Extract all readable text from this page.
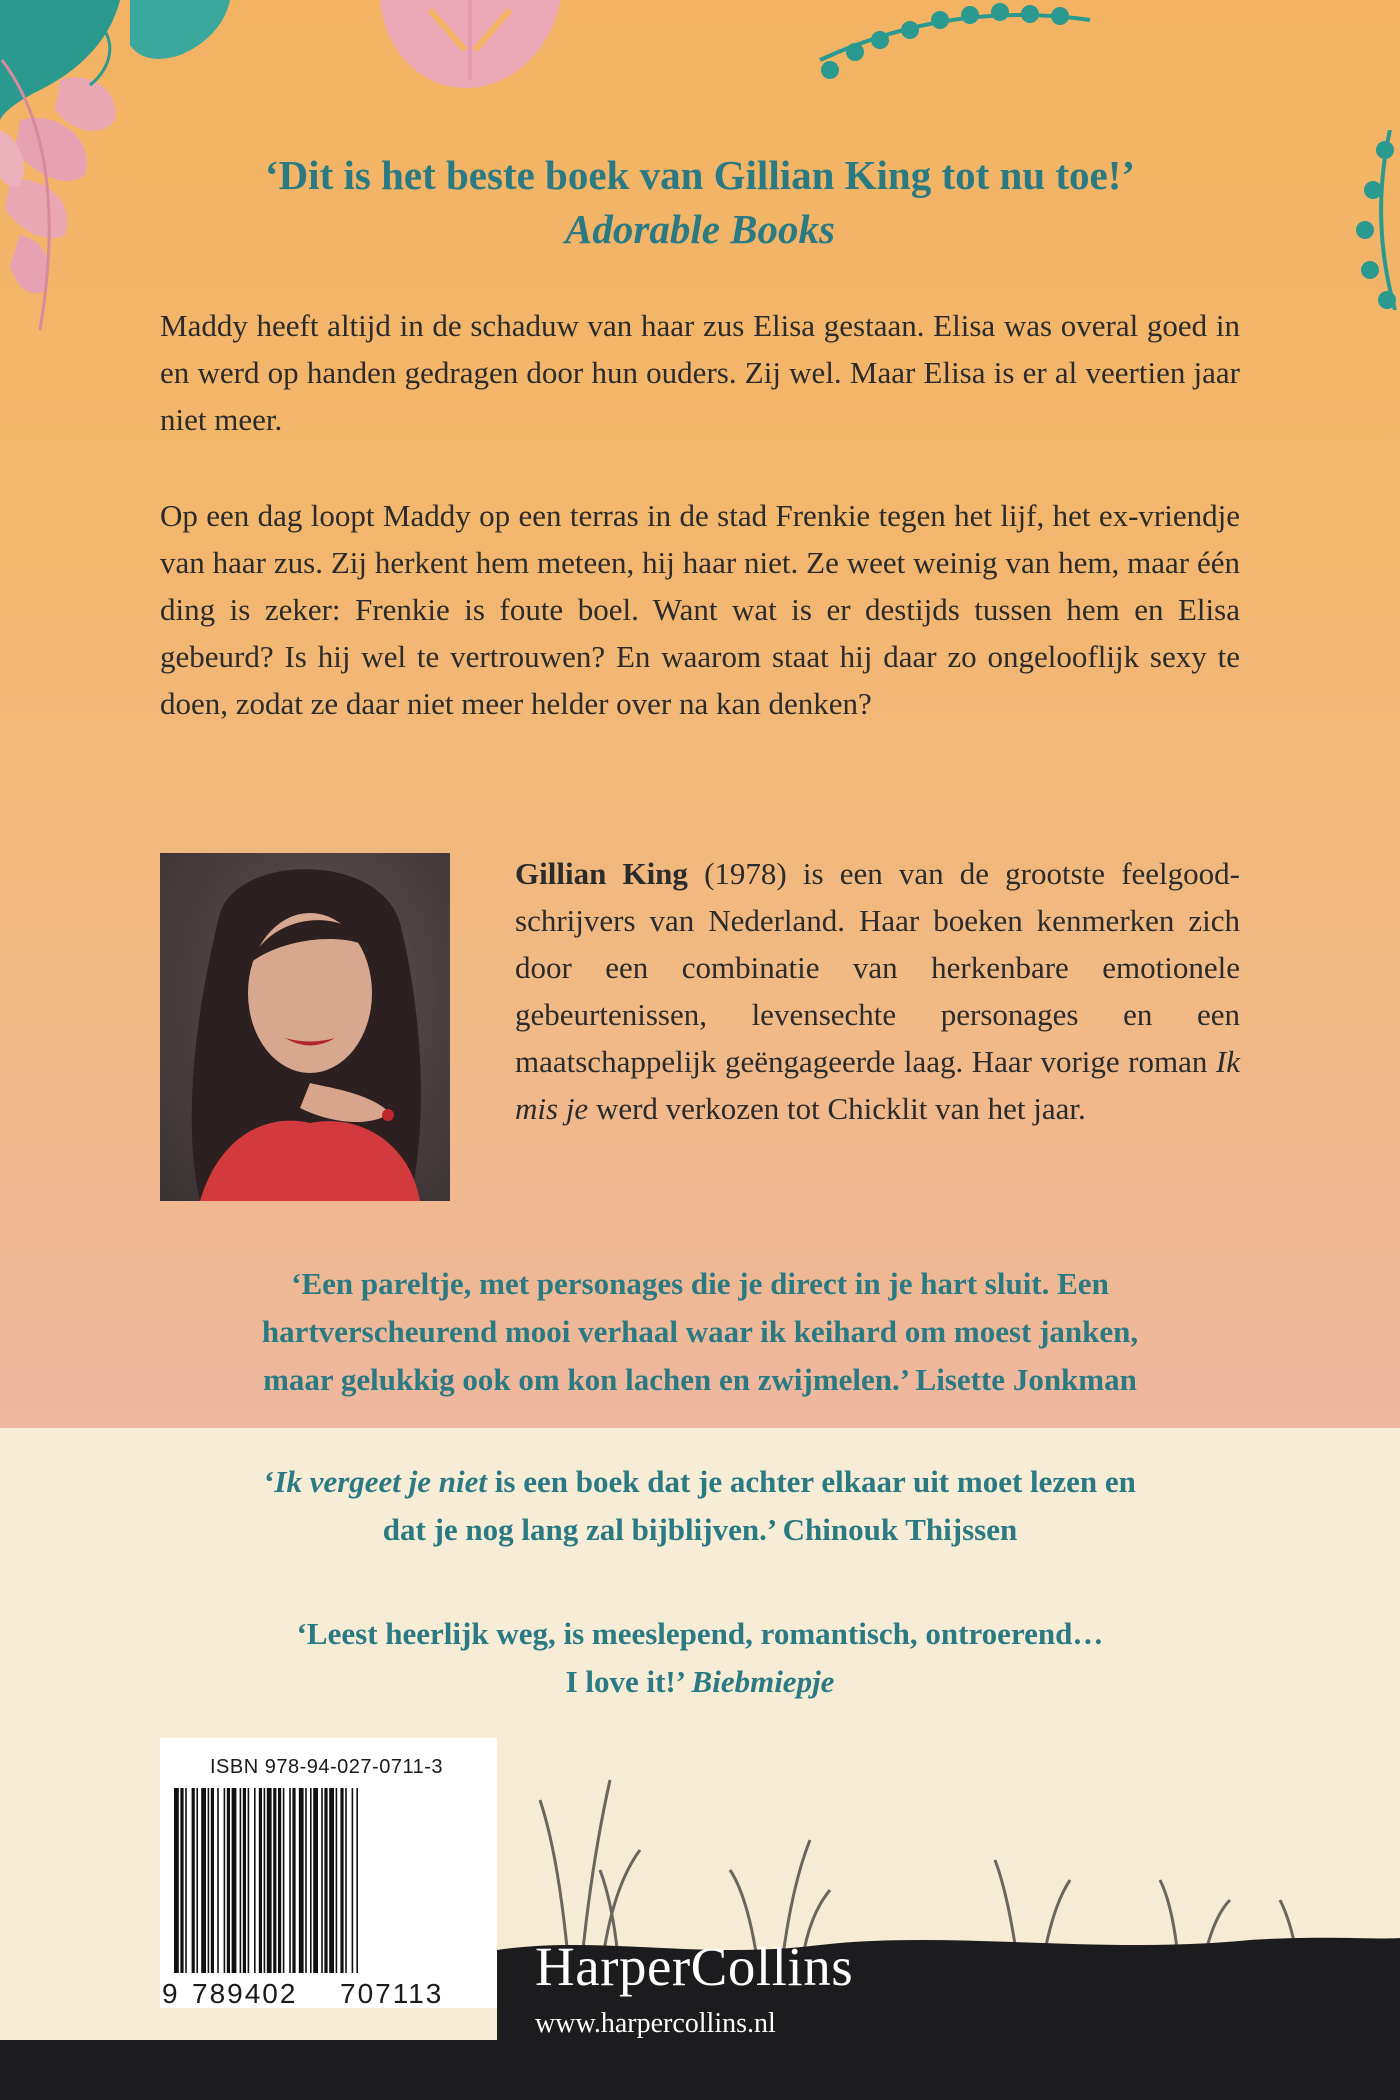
‘Dit is het beste boek van Gillian King tot nu toe!’
Adorable Books
Maddy heeft altijd in de schaduw van haar zus Elisa gestaan. Elisa was overal goed in en werd op handen gedragen door hun ouders. Zij wel. Maar Elisa is er al veertien jaar niet meer.
Op een dag loopt Maddy op een terras in de stad Frenkie tegen het lijf, het ex-vriendje van haar zus. Zij herkent hem meteen, hij haar niet. Ze weet weinig van hem, maar één ding is zeker: Frenkie is foute boel. Want wat is er destijds tussen hem en Elisa gebeurd? Is hij wel te vertrouwen? En waarom staat hij daar zo ongelooflijk sexy te doen, zodat ze daar niet meer helder over na kan denken?
Gillian King (1978) is een van de grootste feelgoodschrijvers van Nederland. Haar boeken kenmerken zich door een combinatie van herkenbare emotionele gebeurtenissen, levensechte personages en een maatschappelijk geëngageerde laag. Haar vorige roman Ik mis je werd verkozen tot Chicklit van het jaar.
‘Een pareltje, met personages die je direct in je hart sluit. Een
hartverscheurend mooi verhaal waar ik keihard om moest janken,
maar gelukkig ook om kon lachen en zwijmelen.’ Lisette Jonkman
‘Ik vergeet je niet is een boek dat je achter elkaar uit moet lezen en
dat je nog lang zal bijblijven.’ Chinouk Thijssen
‘Leest heerlijk weg, is meeslepend, romantisch, ontroerend…
I love it!’ Biebmiepje
ISBN 978-94-027-0711-3
9 789402 707113 HarperCollins
www.harpercollins.nl
